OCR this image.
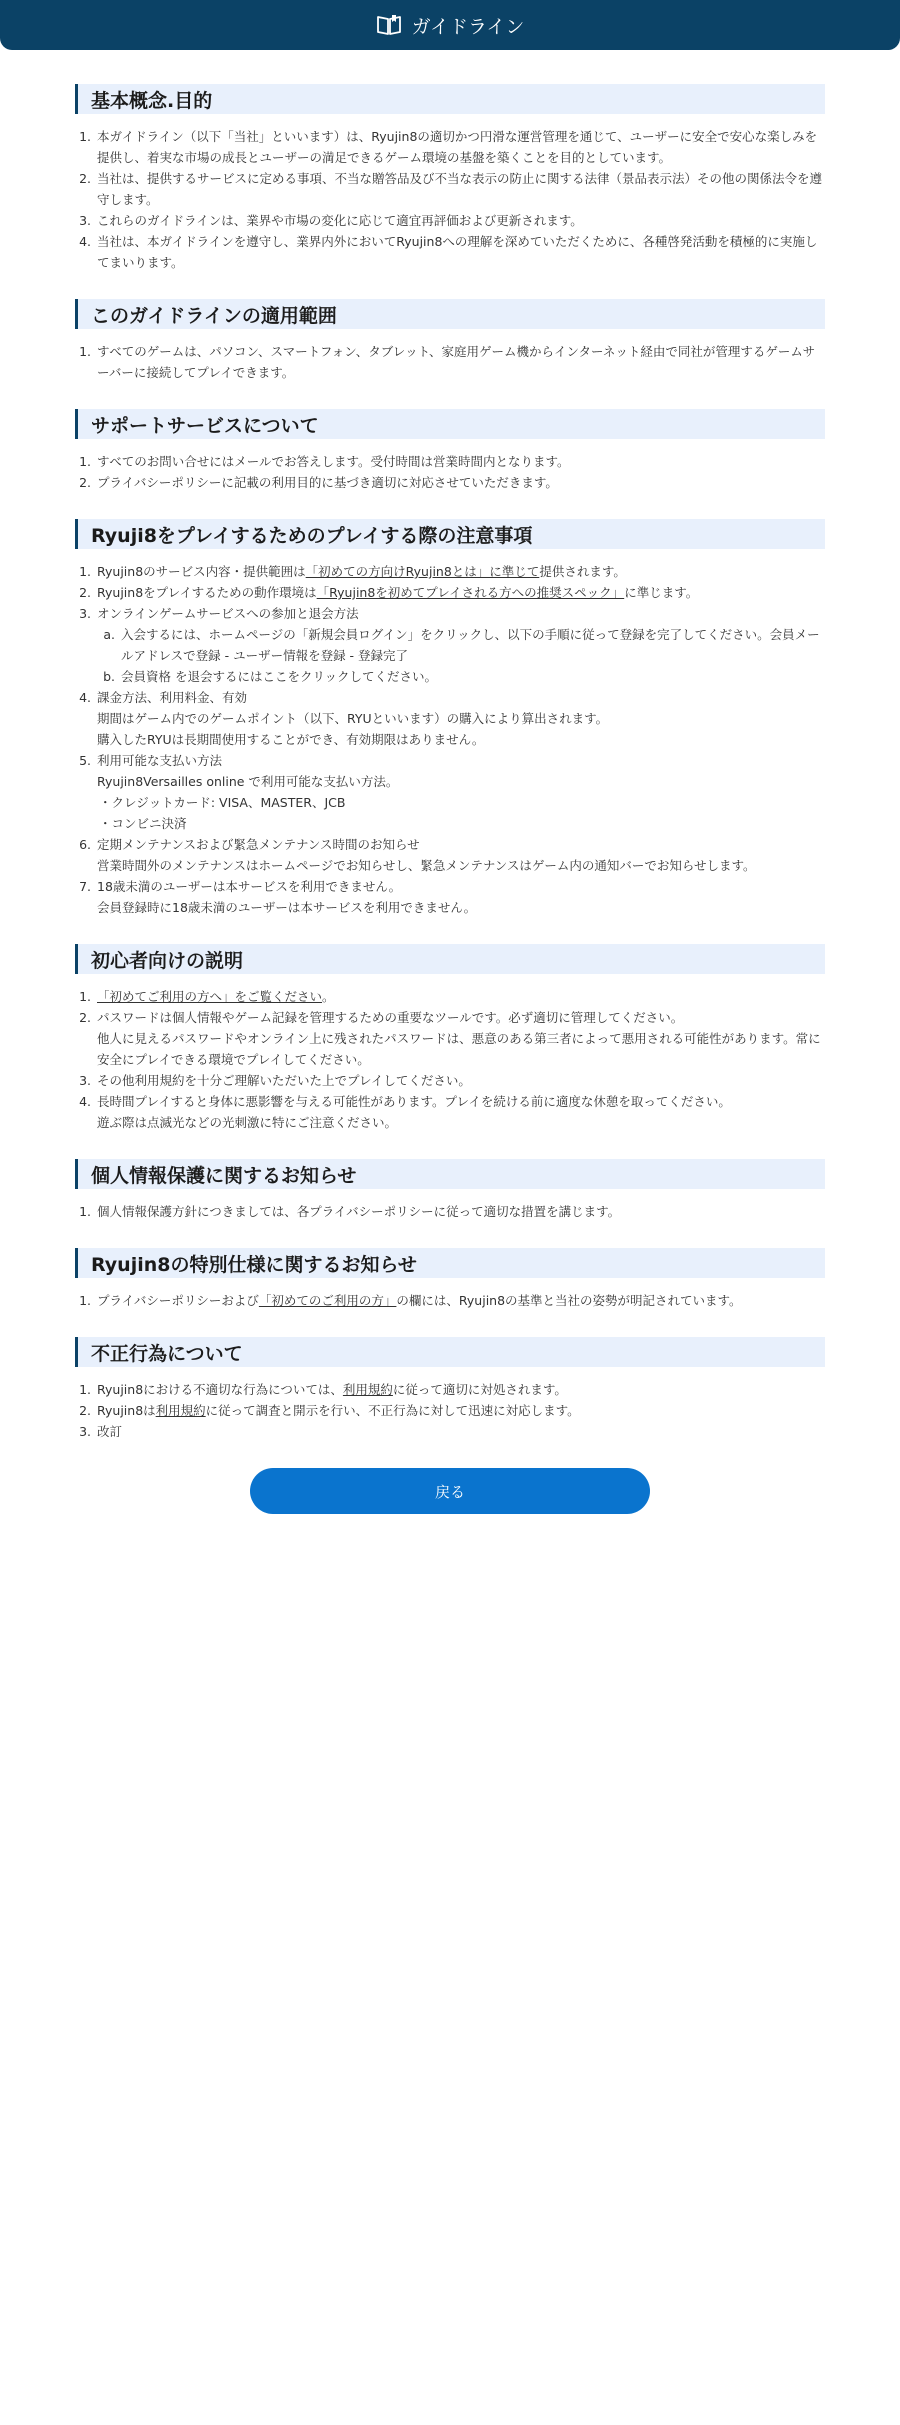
ガイドライン
基本概念.目的
1. 本ガイドライン（以下「当社」といいます）は、Ryujin8の適切かつ円滑な運営管理を通じて、ユーザーに安全で安心な楽しみを提供し、着実な市場の成長とユーザーの満足できるゲーム環境の基盤を築くことを目的としています。
2. 当社は、提供するサービスに定める事項、不当な贈答品及び不当な表示の防止に関する法律（景品表示法）その他の関係法令を遵守します。
3. これらのガイドラインは、業界や市場の変化に応じて適宜再評価および更新されます。
4. 当社は、本ガイドラインを遵守し、業界内外においてRyujin8への理解を深めていただくために、各種啓発活動を積極的に実施してまいります。
このガイドラインの適用範囲
1. すべてのゲームは、パソコン、スマートフォン、タブレット、家庭用ゲーム機からインターネット経由で同社が管理するゲームサーバーに接続してプレイできます。
サポートサービスについて
1. すべてのお問い合せにはメールでお答えします。受付時間は営業時間内となります。
2. プライバシーポリシーに記載の利用目的に基づき適切に対応させていただきます。
Ryuji8をプレイするためのプレイする際の注意事項
1. Ryujin8のサービス内容・提供範囲は「初めての方向けRyujin8とは」に準じて提供されます。
2. Ryujin8をプレイするための動作環境は「Ryujin8を初めてプレイされる方への推奨スペック」に準じます。
3. オンラインゲームサービスへの参加と退会方法
a. 入会するには、ホームページの「新規会員ログイン」をクリックし、以下の手順に従って登録を完了してください。会員メールアドレスで登録 - ユーザー情報を登録 - 登録完了
b. 会員資格 を退会するにはここをクリックしてください。
4. 課金方法、利用料金、有効
期間はゲーム内でのゲームポイント（以下、RYUといいます）の購入により算出されます。
購入したRYUは長期間使用することができ、有効期限はありません。
5. 利用可能な支払い方法
Ryujin8Versailles online で利用可能な支払い方法。
・ クレジットカード: VISA、MASTER、JCB
・ コンビニ決済
6. 定期メンテナンスおよび緊急メンテナンス時間のお知らせ
営業時間外のメンテナンスはホームページでお知らせし、緊急メンテナンスはゲーム内の通知バーでお知らせします。
7. 18歳未満のユーザーは本サービスを利用できません。
会員登録時に18歳未満のユーザーは本サービスを利用できません。
初心者向けの説明
1. 「初めてご利用の方へ」をご覧ください。
2. パスワードは個人情報やゲーム記録を管理するための重要なツールです。必ず適切に管理してください。
他人に見えるパスワードやオンライン上に残されたパスワードは、悪意のある第三者によって悪用される可能性があります。常に安全にプレイできる環境でプレイしてください。
3. その他利用規約を十分ご理解いただいた上でプレイしてください。
4. 長時間プレイすると身体に悪影響を与える可能性があります。プレイを続ける前に適度な休憩を取ってください。
遊ぶ際は点滅光などの光刺激に特にご注意ください。
個人情報保護に関するお知らせ
1. 個人情報保護方針につきましては、各プライバシーポリシーに従って適切な措置を講じます。
Ryujin8の特別仕様に関するお知らせ
1. プライバシーポリシーおよび「初めてのご利用の方」の欄には、Ryujin8の基準と当社の姿勢が明記されています。
不正行為について
1. Ryujin8における不適切な行為については、利用規約に従って適切に対処されます。
2. Ryujin8は利用規約に従って調査と開示を行い、不正行為に対して迅速に対応します。
3. 改訂
戻る
